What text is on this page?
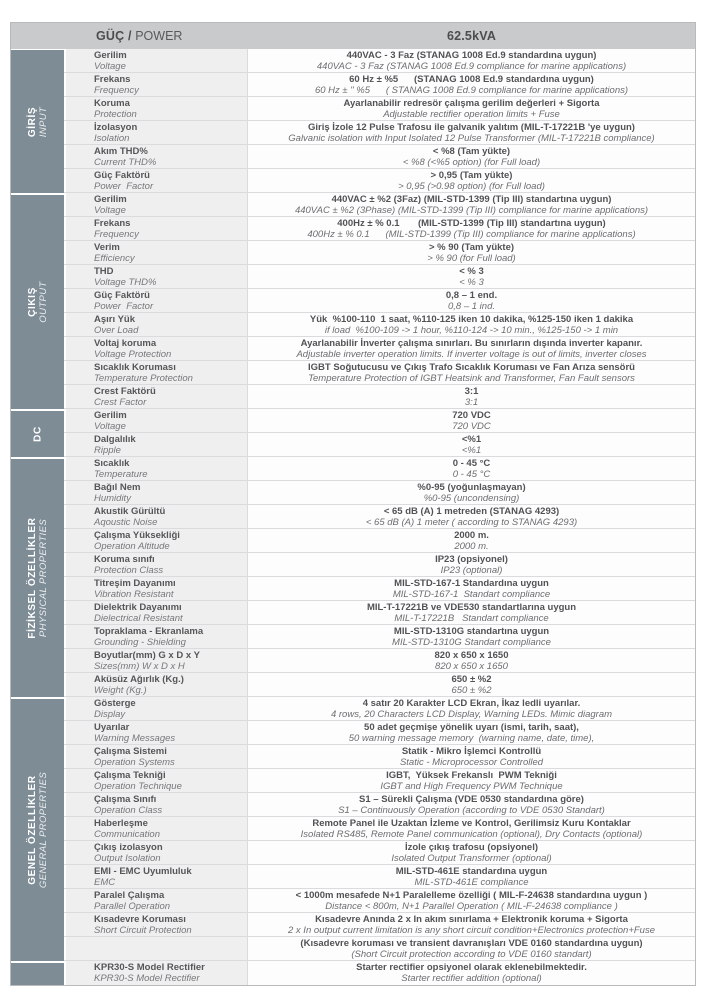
GÜÇ / POWER	62.5kVA
GİRİŞ INPUT
Gerilim
Voltage
440VAC - 3 Faz (STANAG 1008 Ed.9 standardına uygun)
440VAC - 3 Faz (STANAG 1008 Ed.9 compliance for marine applications)
Frekans
Frequency
60 Hz ± %5      (STANAG 1008 Ed.9 standardına uygun)
60 Hz ± " %5      ( STANAG 1008 Ed.9 compliance for marine applications)
Koruma
Protection
Ayarlanabilir redresör çalışma gerilim değerleri + Sigorta
Adjustable rectifier operation limits + Fuse
İzolasyon
Isolation
Giriş İzole 12 Pulse Trafosu ile galvanik yalıtım (MIL-T-17221B 'ye uygun)
Galvanic isolation with Input Isolated 12 Pulse Transformer (MIL-T-17221B compliance)
Akım THD%
Current THD%
< %8 (Tam yükte)
< %8 (<%5 option) (for Full load)
Güç Faktörü
Power  Factor
> 0,95 (Tam yükte)
> 0,95 (>0.98 option) (for Full load)
ÇIKIŞ OUTPUT
Gerilim
Voltage
440VAC ± %2 (3Faz) (MIL-STD-1399 (Tip III) standartına uygun)
440VAC ± %2 (3Phase) (MIL-STD-1399 (Tip III) compliance for marine applications)
Frekans
Frequency
400Hz ± % 0.1       (MIL-STD-1399 (Tip III) standartına uygun)
400Hz ± % 0.1      (MIL-STD-1399 (Tip III) compliance for marine applications)
Verim
Efficiency
> % 90 (Tam yükte)
> % 90 (for Full load)
THD
Voltage THD%
< % 3
< % 3
Güç Faktörü
Power  Factor
0,8 – 1 end.
0,8 – 1 ind.
Aşırı Yük
Over Load
Yük  %100-110  1 saat, %110-125 iken 10 dakika, %125-150 iken 1 dakika
if load  %100-109 -> 1 hour, %110-124 -> 10 min., %125-150 -> 1 min
Voltaj koruma
Voltage Protection
Ayarlanabilir İnverter çalışma sınırları. Bu sınırların dışında inverter kapanır.
Adjustable inverter operation limits. If inverter voltage is out of limits, inverter closes
Sıcaklık Koruması
Temperature Protection
IGBT Soğutucusu ve Çıkış Trafo Sıcaklık Koruması ve Fan Arıza sensörü
Temperature Protection of IGBT Heatsink and Transformer, Fan Fault sensors
Crest Faktörü
Crest Factor
3:1
3:1
DC
Gerilim
Voltage
720 VDC
720 VDC
Dalgalılık
Ripple
<%1
<%1
FİZİKSEL ÖZELLİKLER PHYSICAL PROPERTIES
Sıcaklık
Temperature
0 - 45 °C
0 - 45 °C
Bağıl Nem
Humidity
%0-95 (yoğunlaşmayan)
%0-95 (uncondensing)
Akustik Gürültü
Aqoustic Noise
< 65 dB (A) 1 metreden (STANAG 4293)
< 65 dB (A) 1 meter ( according to STANAG 4293)
Çalışma Yüksekliği
Operation Altitude
2000 m.
2000 m.
Koruma sınıfı
Protection Class
IP23 (opsiyonel)
IP23 (optional)
Titreşim Dayanımı
Vibration Resistant
MIL-STD-167-1 Standardına uygun
MIL-STD-167-1  Standart compliance
Dielektrik Dayanımı
Dielectrical Resistant
MIL-T-17221B ve VDE530 standartlarına uygun
MIL-T-17221B   Standart compliance
Topraklama - Ekranlama
Grounding - Shielding
MIL-STD-1310G standartına uygun
MIL-STD-1310G Standart compliance
Boyutlar(mm) G x D x Y
Sizes(mm) W x D x H
820 x 650 x 1650
820 x 650 x 1650
Aküsüz Ağırlık (Kg.)
Weight (Kg.)
650 ± %2
650 ± %2
GENEL ÖZELLİKLER GENERAL PROPERTIES
Gösterge
Display
4 satır 20 Karakter LCD Ekran, İkaz ledli uyarılar.
4 rows, 20 Characters LCD Display, Warning LEDs. Mimic diagram
Uyarılar
Warning Messages
50 adet geçmişe yönelik uyarı (ismi, tarih, saat),
50 warning message memory  (warning name, date, time),
Çalışma Sistemi
Operation Systems
Statik - Mikro İşlemci Kontrollü
Static - Microprocessor Controlled
Çalışma Tekniği
Operation Technique
IGBT,  Yüksek Frekanslı  PWM Tekniği
IGBT and High Frequency PWM Technique
Çalışma Sınıfı
Operation Class
S1 – Sürekli Çalışma (VDE 0530 standardına göre)
S1 – Continuously Operation (according to VDE 0530 Standart)
Haberleşme
Communication
Remote Panel ile Uzaktan İzleme ve Kontrol, Gerilimsiz Kuru Kontaklar
Isolated RS485, Remote Panel communication (optional), Dry Contacts (optional)
Çıkış izolasyon
Output Isolation
İzole çıkış trafosu (opsiyonel)
Isolated Output Transformer (optional)
EMI - EMC Uyumluluk
EMC
MIL-STD-461E standardına uygun
MIL-STD-461E compliance
Paralel Çalışma
Parallel Operation
< 1000m mesafede N+1 Paralelleme özelliği ( MIL-F-24638 standardına uygun )
Distance < 800m, N+1 Parallel Operation ( MIL-F-24638 compliance )
Kısadevre Koruması
Short Circuit Protection
Kısadevre Anında 2 x In akım sınırlama + Elektronik koruma + Sigorta
2 x In output current limitation is any short circuit condition+Electronics protection+Fuse
(Kısadevre koruması ve transient davranışları VDE 0160 standardına uygun)
(Short Circuit protection according to VDE 0160 standart)
KPR30-S Model Rectifier
KPR30-S Model Rectifier
Starter rectifier opsiyonel olarak eklenebilmektedir.
Starter rectifier addition (optional)
